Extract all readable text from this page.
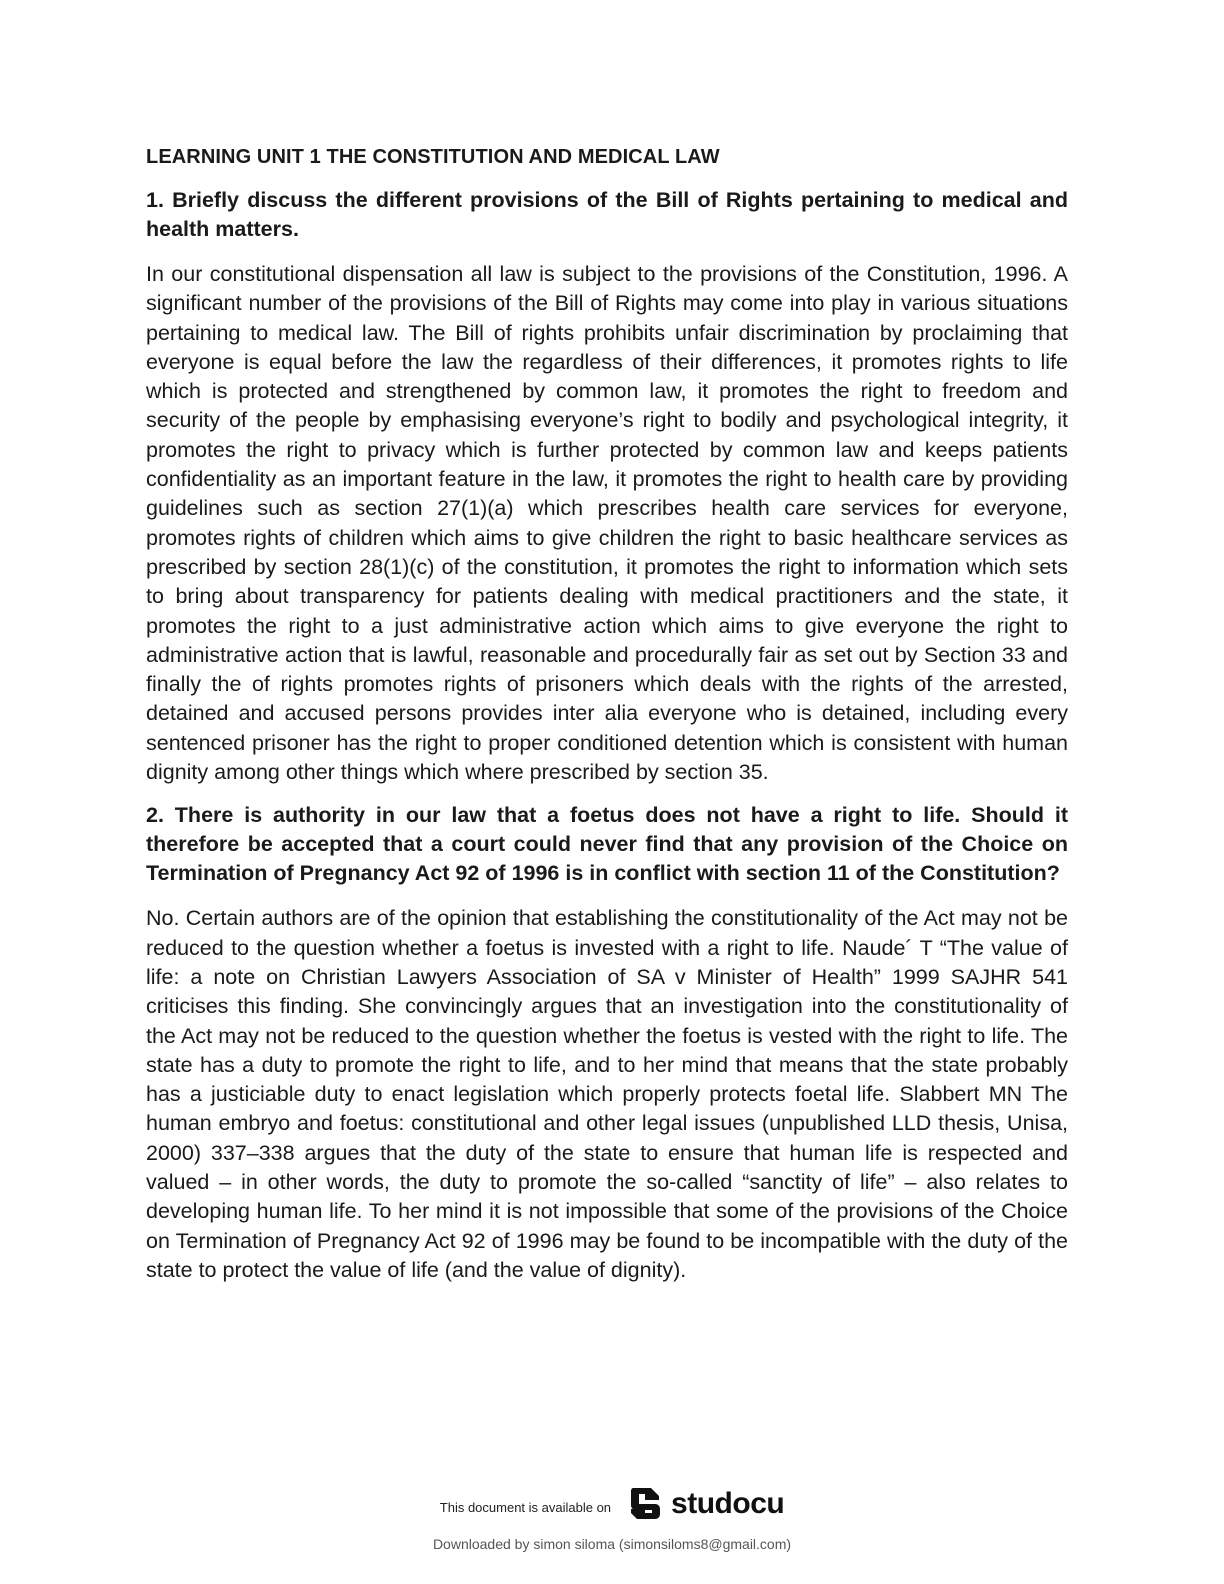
LEARNING UNIT 1 THE CONSTITUTION AND MEDICAL LAW
1. Briefly discuss the different provisions of the Bill of Rights pertaining to medical and health matters.
In our constitutional dispensation all law is subject to the provisions of the Constitution, 1996. A significant number of the provisions of the Bill of Rights may come into play in various situations pertaining to medical law. The Bill of rights prohibits unfair discrimination by proclaiming that everyone is equal before the law the regardless of their differences, it promotes rights to life which is protected and strengthened by common law, it promotes the right to freedom and security of the people by emphasising everyone’s right to bodily and psychological integrity, it promotes the right to privacy which is further protected by common law and keeps patients confidentiality as an important feature in the law, it promotes the right to health care by providing guidelines such as section 27(1)(a) which prescribes health care services for everyone, promotes rights of children which aims to give children the right to basic healthcare services as prescribed by section 28(1)(c) of the constitution, it promotes the right to information which sets to bring about transparency for patients dealing with medical practitioners and the state, it promotes the right to a just administrative action which aims to give everyone the right to administrative action that is lawful, reasonable and procedurally fair as set out by Section 33 and finally the of rights promotes rights of prisoners which deals with the rights of the arrested, detained and accused persons provides inter alia everyone who is detained, including every sentenced prisoner has the right to proper conditioned detention which is consistent with human dignity among other things which where prescribed by section 35.
2. There is authority in our law that a foetus does not have a right to life. Should it therefore be accepted that a court could never find that any provision of the Choice on Termination of Pregnancy Act 92 of 1996 is in conflict with section 11 of the Constitution?
No. Certain authors are of the opinion that establishing the constitutionality of the Act may not be reduced to the question whether a foetus is invested with a right to life. Naude´ T “The value of life: a note on Christian Lawyers Association of SA v Minister of Health” 1999 SAJHR 541 criticises this finding. She convincingly argues that an investigation into the constitutionality of the Act may not be reduced to the question whether the foetus is vested with the right to life. The state has a duty to promote the right to life, and to her mind that means that the state probably has a justiciable duty to enact legislation which properly protects foetal life. Slabbert MN The human embryo and foetus: constitutional and other legal issues (unpublished LLD thesis, Unisa, 2000) 337–338 argues that the duty of the state to ensure that human life is respected and valued – in other words, the duty to promote the so-called “sanctity of life” – also relates to developing human life. To her mind it is not impossible that some of the provisions of the Choice on Termination of Pregnancy Act 92 of 1996 may be found to be incompatible with the duty of the state to protect the value of life (and the value of dignity).
This document is available on studocu
Downloaded by simon siloma (simonsiloms8@gmail.com)
